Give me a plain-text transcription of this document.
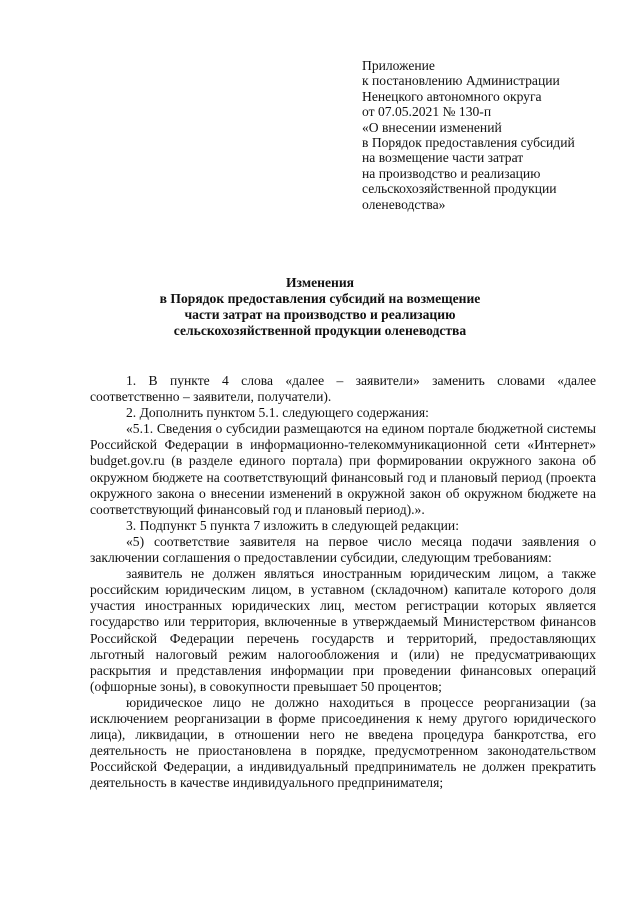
Приложение
к постановлению Администрации
Ненецкого автономного округа
от 07.05.2021 № 130-п
«О внесении изменений
в Порядок предоставления субсидий
на возмещение части затрат
на производство и реализацию
сельскохозяйственной продукции
оленеводства»
Изменения
в Порядок предоставления субсидий на возмещение
части затрат на производство и реализацию
сельскохозяйственной продукции оленеводства

1. В пункте 4 слова «далее – заявители» заменить словами «далее соответственно – заявители, получатели).

2. Дополнить пунктом 5.1. следующего содержания:

«5.1. Сведения о субсидии размещаются на едином портале бюджетной системы Российской Федерации в информационно-телекоммуникационной сети «Интернет» budget.gov.ru (в разделе единого портала) при формировании окружного закона об окружном бюджете на соответствующий финансовый год и плановый период (проекта окружного закона о внесении изменений в окружной закон об окружном бюджете на соответствующий финансовый год и плановый период).».

3. Подпункт 5 пункта 7 изложить в следующей редакции:

«5) соответствие заявителя на первое число месяца подачи заявления о заключении соглашения о предоставлении субсидии, следующим требованиям:

заявитель не должен являться иностранным юридическим лицом, а также российским юридическим лицом, в уставном (складочном) капитале которого доля участия иностранных юридических лиц, местом регистрации которых является государство или территория, включенные в утверждаемый Министерством финансов Российской Федерации перечень государств и территорий, предоставляющих льготный налоговый режим налогообложения и (или) не предусматривающих раскрытия и представления информации при проведении финансовых операций (офшорные зоны), в совокупности превышает 50 процентов;

юридическое лицо не должно находиться в процессе реорганизации (за исключением реорганизации в форме присоединения к нему другого юридического лица), ликвидации, в отношении него не введена процедура банкротства, его деятельность не приостановлена в порядке, предусмотренном законодательством Российской Федерации, а индивидуальный предприниматель не должен прекратить деятельность в качестве индивидуального предпринимателя;
